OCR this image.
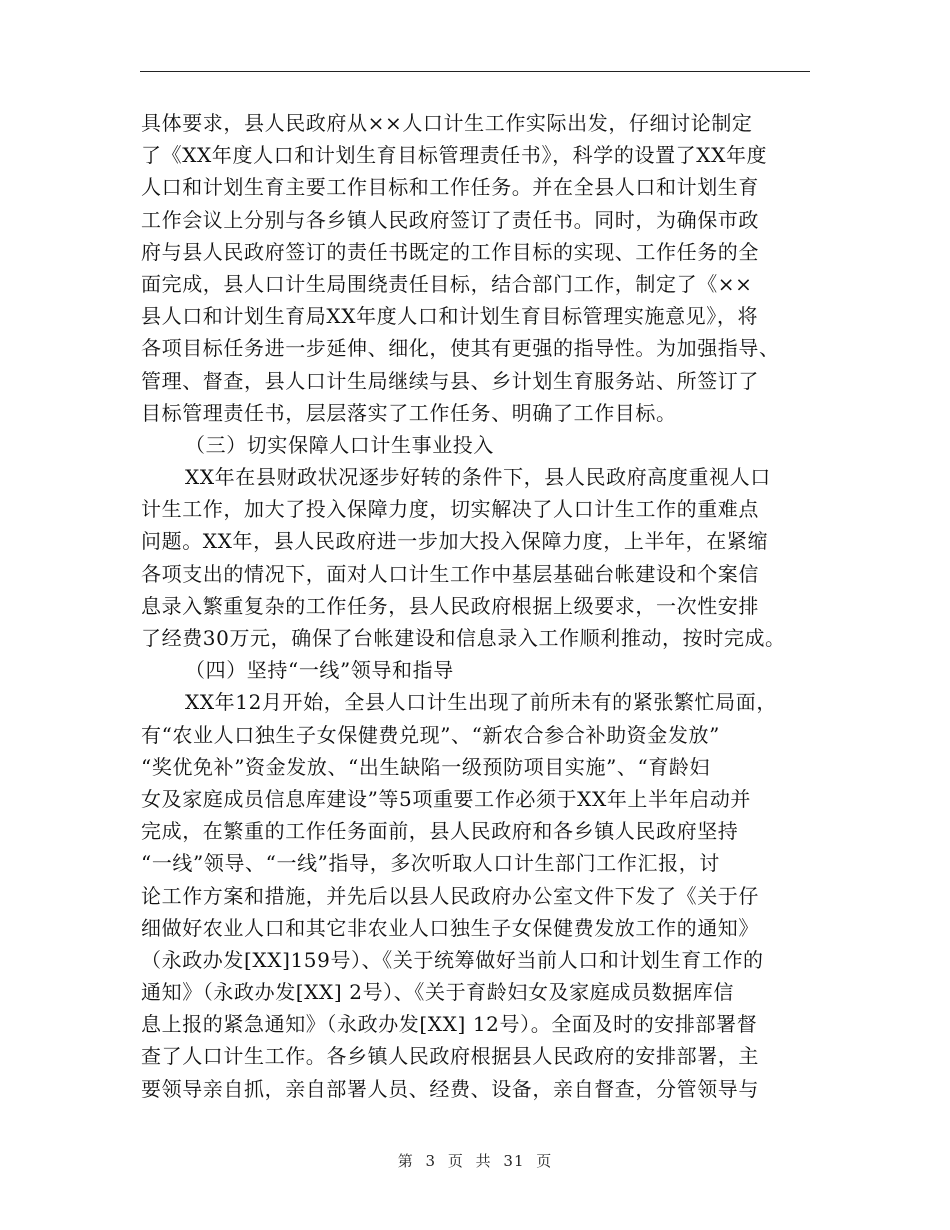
具体要求，县人民政府从××人口计生工作实际出发，仔细讨论制定
了《XX年度人口和计划生育目标管理责任书》，科学的设置了XX年度
人口和计划生育主要工作目标和工作任务。并在全县人口和计划生育
工作会议上分别与各乡镇人民政府签订了责任书。同时，为确保市政
府与县人民政府签订的责任书既定的工作目标的实现、工作任务的全
面完成，县人口计生局围绕责任目标，结合部门工作，制定了《××
县人口和计划生育局XX年度人口和计划生育目标管理实施意见》，将
各项目标任务进一步延伸、细化，使其有更强的指导性。为加强指导、
管理、督查，县人口计生局继续与县、乡计划生育服务站、所签订了
目标管理责任书，层层落实了工作任务、明确了工作目标。
（三）切实保障人口计生事业投入
XX年在县财政状况逐步好转的条件下，县人民政府高度重视人口
计生工作，加大了投入保障力度，切实解决了人口计生工作的重难点
问题。XX年，县人民政府进一步加大投入保障力度，上半年，在紧缩
各项支出的情况下，面对人口计生工作中基层基础台帐建设和个案信
息录入繁重复杂的工作任务，县人民政府根据上级要求，一次性安排
了经费30万元，确保了台帐建设和信息录入工作顺利推动，按时完成。
（四）坚持“一线”领导和指导
XX年12月开始，全县人口计生出现了前所未有的紧张繁忙局面，
有“农业人口独生子女保健费兑现”、“新农合参合补助资金发放”
“奖优免补”资金发放、“出生缺陷一级预防项目实施”、“育龄妇
女及家庭成员信息库建设”等5项重要工作必须于XX年上半年启动并
完成，在繁重的工作任务面前，县人民政府和各乡镇人民政府坚持
“一线”领导、“一线”指导，多次听取人口计生部门工作汇报，讨
论工作方案和措施，并先后以县人民政府办公室文件下发了《关于仔
细做好农业人口和其它非农业人口独生子女保健费发放工作的通知》
（永政办发[XX]159号）、《关于统筹做好当前人口和计划生育工作的
通知》（永政办发[XX] 2号）、《关于育龄妇女及家庭成员数据库信
息上报的紧急通知》（永政办发[XX] 12号）。全面及时的安排部署督
查了人口计生工作。各乡镇人民政府根据县人民政府的安排部署，主
要领导亲自抓，亲自部署人员、经费、设备，亲自督查，分管领导与
第 3 页 共 31 页
